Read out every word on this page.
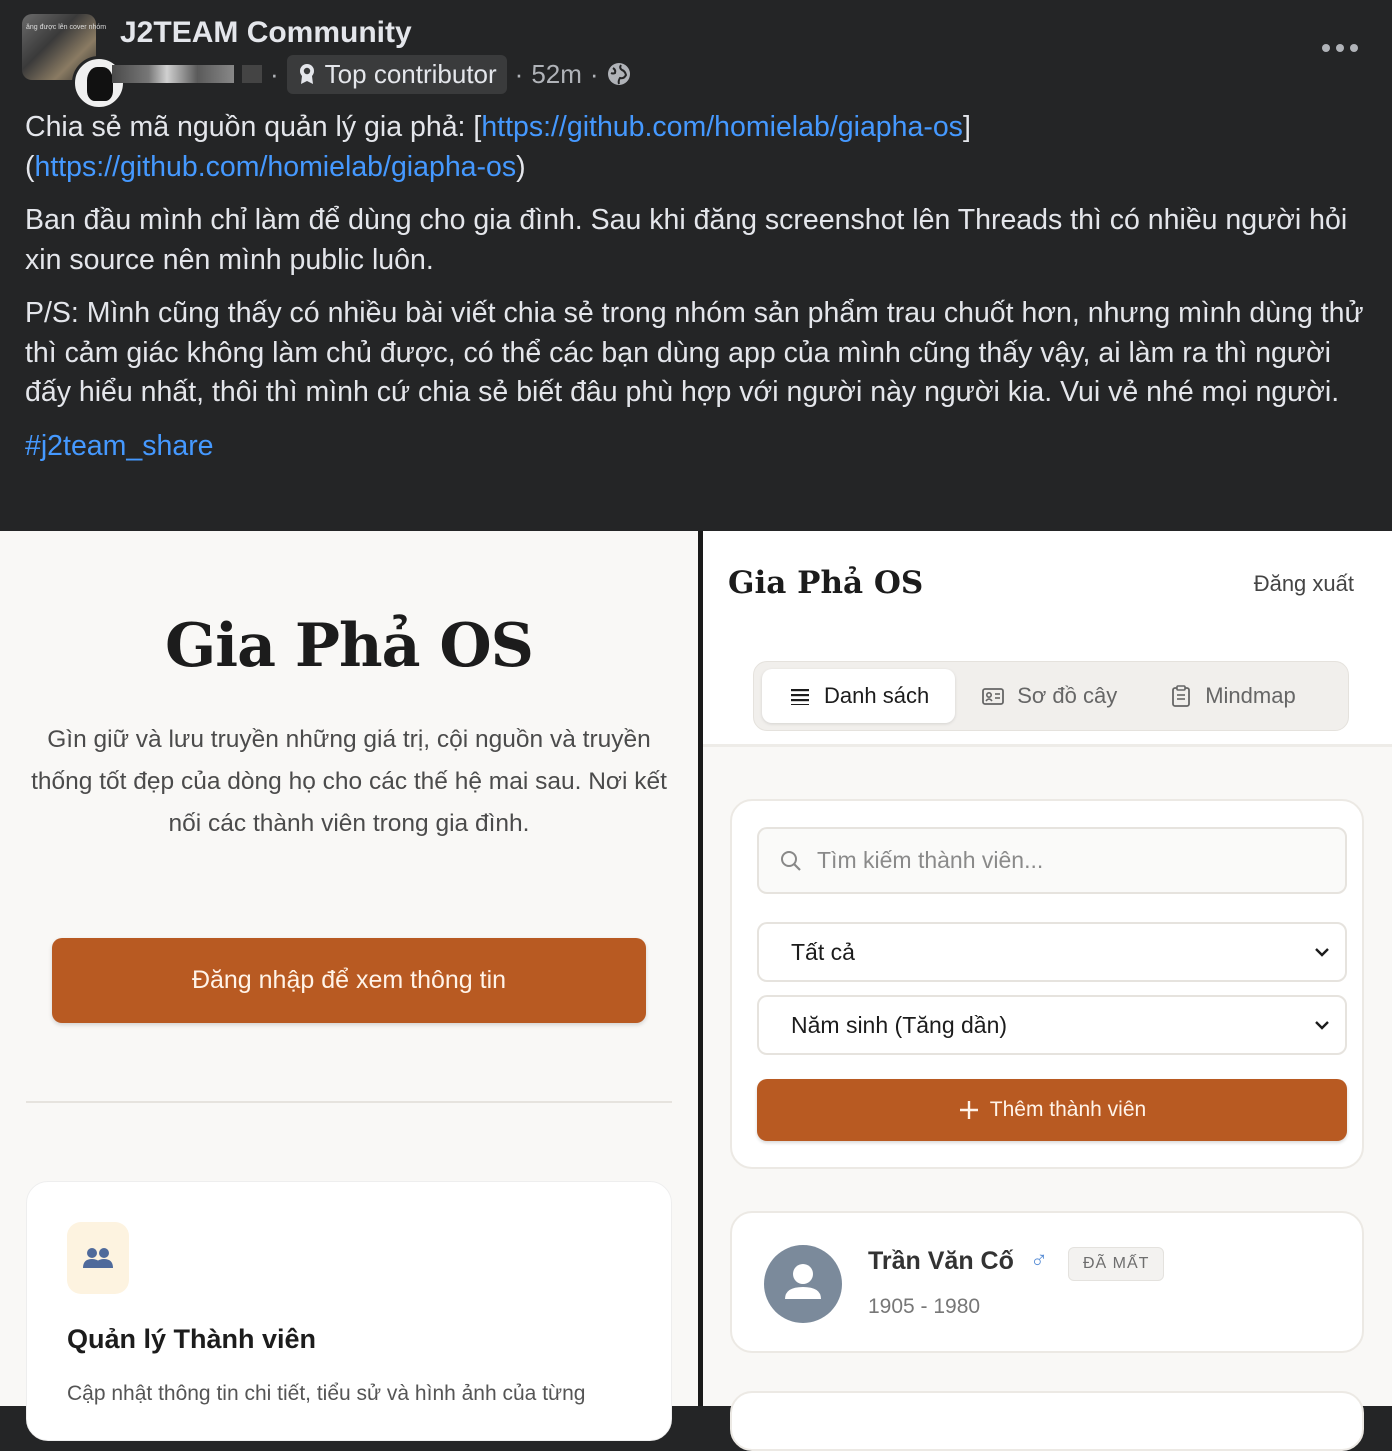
ăng được lên cover nhóm J2TEAM Community
· Top contributor · 52m ·

Chia sẻ mã nguồn quản lý gia phả: [https://github.com/homielab/giapha-os] (https://github.com/homielab/giapha-os)

Ban đầu mình chỉ làm để dùng cho gia đình. Sau khi đăng screenshot lên Threads thì có nhiều người hỏi xin source nên mình public luôn.

P/S: Mình cũng thấy có nhiều bài viết chia sẻ trong nhóm sản phẩm trau chuốt hơn, nhưng mình dùng thử thì cảm giác không làm chủ được, có thể các bạn dùng app của mình cũng thấy vậy, ai làm ra thì người đấy hiểu nhất, thôi thì mình cứ chia sẻ biết đâu phù hợp với người này người kia. Vui vẻ nhé mọi người.

#j2team_share

Gia Phả OS
Gìn giữ và lưu truyền những giá trị, cội nguồn và truyền thống tốt đẹp của dòng họ cho các thế hệ mai sau. Nơi kết nối các thành viên trong gia đình.
Đăng nhập để xem thông tin
Quản lý Thành viên
Cập nhật thông tin chi tiết, tiểu sử và hình ảnh của từng
Gia Phả OS	Đăng xuất
Danh sách	Sơ đồ cây	Mindmap
Tìm kiếm thành viên...
Tất cả
Năm sinh (Tăng dần)
Thêm thành viên
Trần Văn Cố ♂	ĐÃ MẤT
1905 - 1980
